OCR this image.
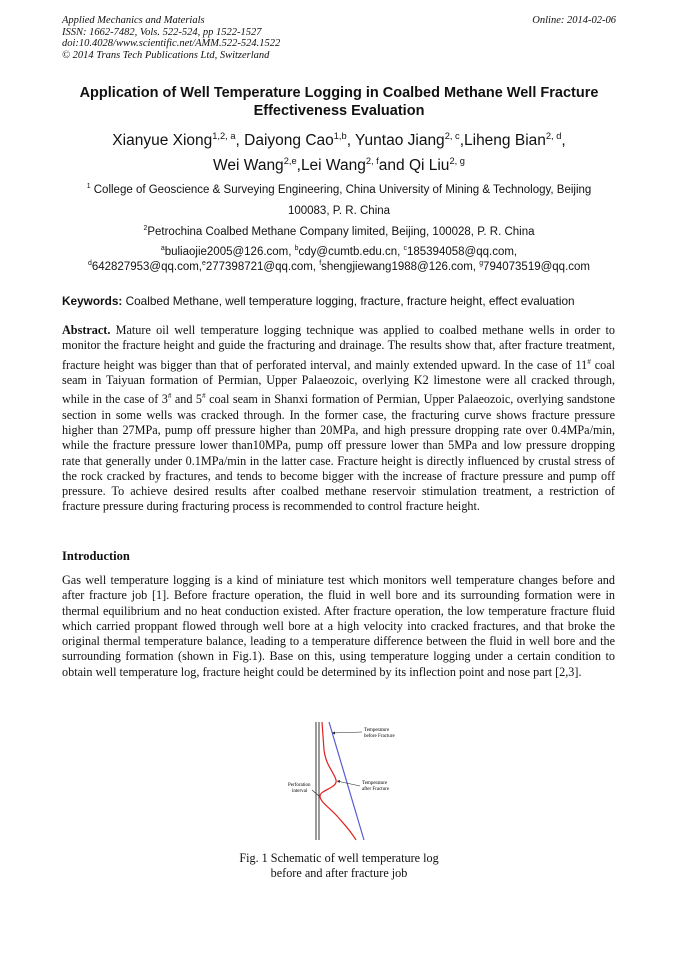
Applied Mechanics and Materials
ISSN: 1662-7482, Vols. 522-524, pp 1522-1527
doi:10.4028/www.scientific.net/AMM.522-524.1522
© 2014 Trans Tech Publications Ltd, Switzerland
Online: 2014-02-06
Application of Well Temperature Logging in Coalbed Methane Well Fracture Effectiveness Evaluation
Xianyue Xiong$^{1,2, a}$, Daiyong Cao$^{1,b}$, Yuntao Jiang$^{2, c}$,Liheng Bian$^{2, d}$,
Wei Wang$^{2,e}$,Lei Wang$^{2, f}$and Qi Liu$^{2, g}$
$^1$ College of Geoscience & Surveying Engineering, China University of Mining & Technology, Beijing
100083, P. R. China
$^2$Petrochina Coalbed Methane Company limited, Beijing, 100028, P. R. China
$^a$buliaojie2005@126.com, $^b$cdy@cumtb.edu.cn, $^c$185394058@qq.com,
$^d$642827953@qq.com,$^e$277398721@qq.com, $^f$shengjiewang1988@126.com, $^g$794073519@qq.com
Keywords: Coalbed Methane, well temperature logging, fracture, fracture height, effect evaluation
Abstract. Mature oil well temperature logging technique was applied to coalbed methane wells in order to monitor the fracture height and guide the fracturing and drainage. The results show that, after fracture treatment, fracture height was bigger than that of perforated interval, and mainly extended upward. In the case of 11# coal seam in Taiyuan formation of Permian, Upper Palaeozoic, overlying K2 limestone were all cracked through, while in the case of 3# and 5# coal seam in Shanxi formation of Permian, Upper Palaeozoic, overlying sandstone section in some wells was cracked through. In the former case, the fracturing curve shows fracture pressure higher than 27MPa, pump off pressure higher than 20MPa, and high pressure dropping rate over 0.4MPa/min, while the fracture pressure lower than10MPa, pump off pressure lower than 5MPa and low pressure dropping rate that generally under 0.1MPa/min in the latter case. Fracture height is directly influenced by crustal stress of the rock cracked by fractures, and tends to become bigger with the increase of fracture pressure and pump off pressure. To achieve desired results after coalbed methane reservoir stimulation treatment, a restriction of fracture pressure during fracturing process is recommended to control fracture height.
Introduction
Gas well temperature logging is a kind of miniature test which monitors well temperature changes before and after fracture job [1]. Before fracture operation, the fluid in well bore and its surrounding formation were in thermal equilibrium and no heat conduction existed. After fracture operation, the low temperature fracture fluid which carried proppant flowed through well bore at a high velocity into cracked fractures, and that broke the original thermal temperature balance, leading to a temperature difference between the fluid in well bore and the surrounding formation (shown in Fig.1). Base on this, using temperature logging under a certain condition to obtain well temperature log, fracture height could be determined by its inflection point and nose part [2,3].
Temperature
before Fracture
Temperature
after Fracture
Perforation
interval
Fig. 1 Schematic of well temperature log
before and after fracture job
